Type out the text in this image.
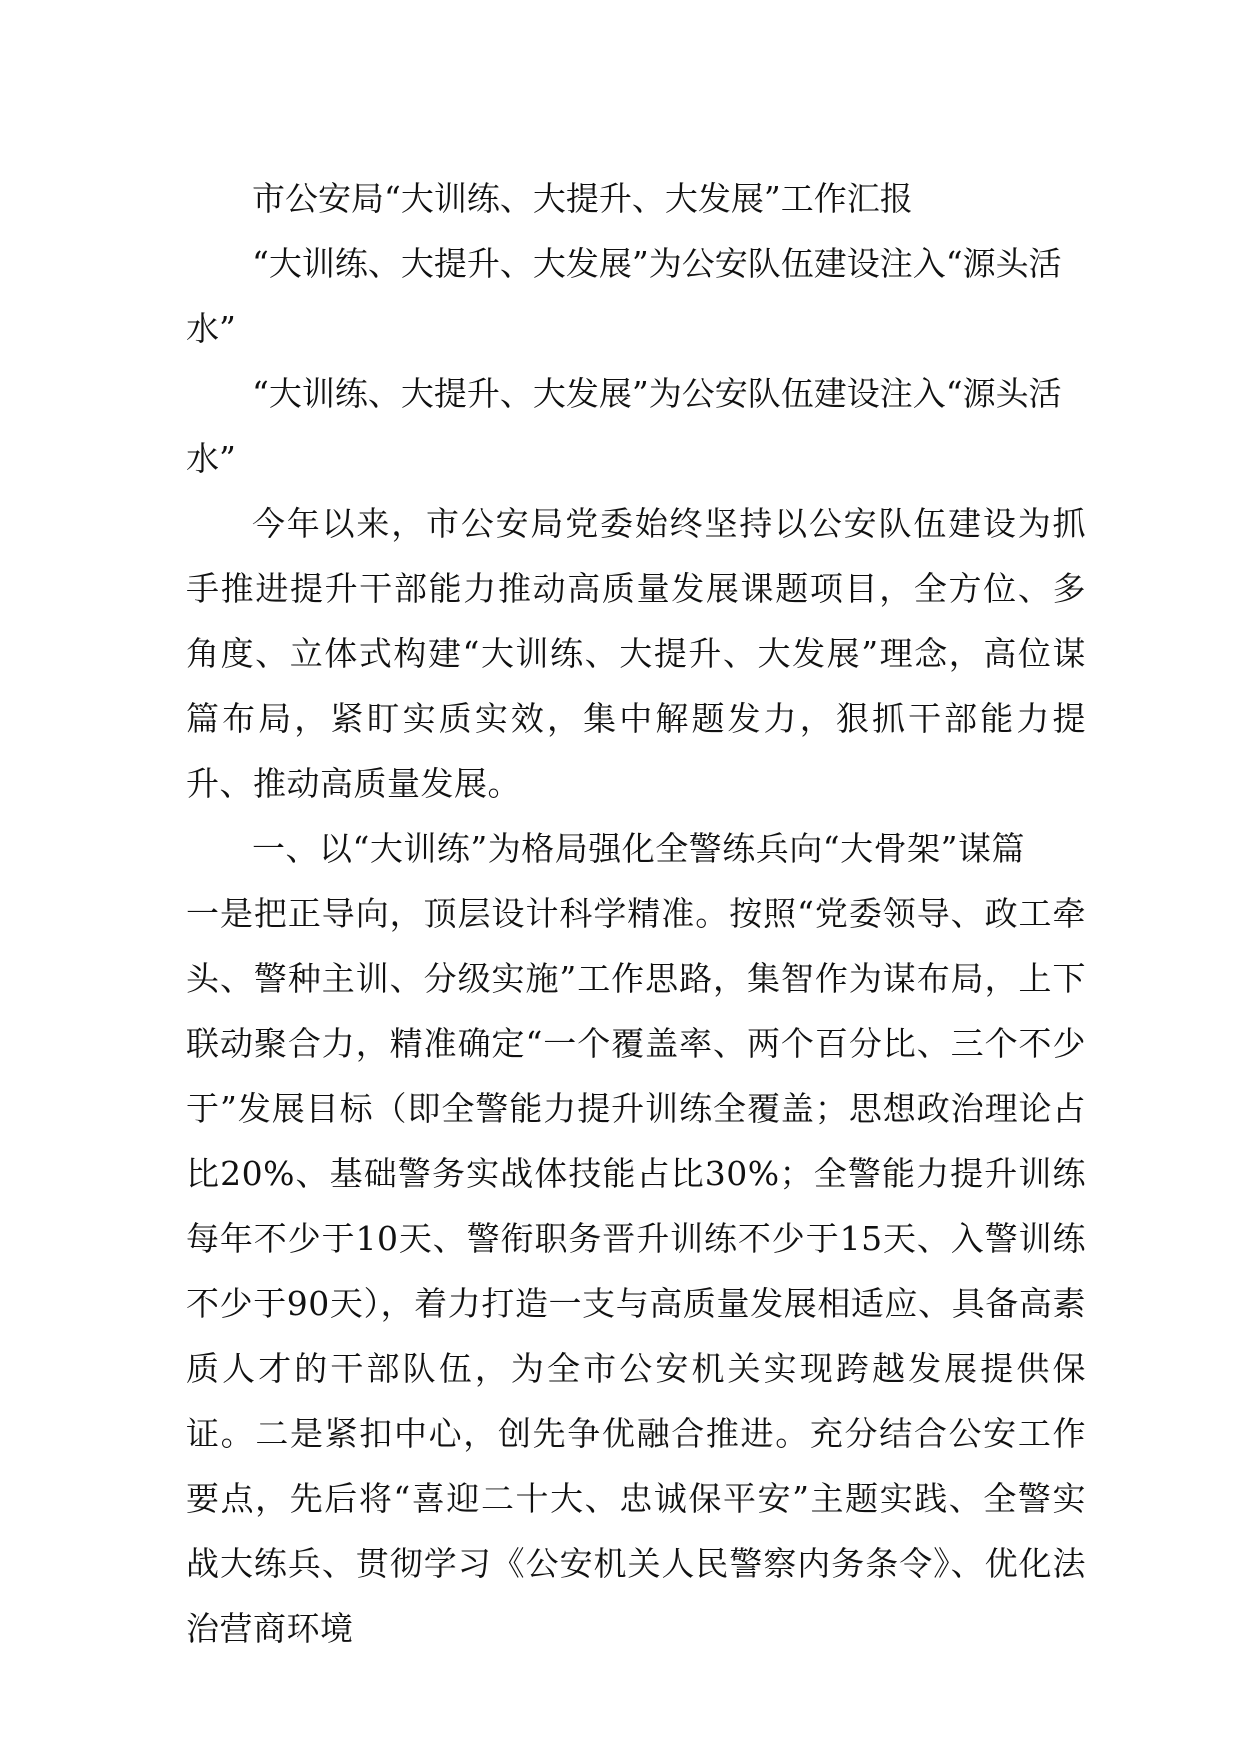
市公安局“大训练、大提升、大发展”工作汇报

“大训练、大提升、大发展”为公安队伍建设注入“源头活水”

“大训练、大提升、大发展”为公安队伍建设注入“源头活水”

今年以来，市公安局党委始终坚持以公安队伍建设为抓手推进提升干部能力推动高质量发展课题项目，全方位、多角度、立体式构建“大训练、大提升、大发展”理念，高位谋篇布局，紧盯实质实效，集中解题发力，狠抓干部能力提升、推动高质量发展。

一、以“大训练”为格局强化全警练兵向“大骨架”谋篇

一是把正导向，顶层设计科学精准。按照“党委领导、政工牵头、警种主训、分级实施”工作思路，集智作为谋布局，上下联动聚合力，精准确定“一个覆盖率、两个百分比、三个不少于”发展目标（即全警能力提升训练全覆盖；思想政治理论占比20%、基础警务实战体技能占比30%；全警能力提升训练每年不少于10天、警衔职务晋升训练不少于15天、入警训练不少于90天），着力打造一支与高质量发展相适应、具备高素质人才的干部队伍，为全市公安机关实现跨越发展提供保证。二是紧扣中心，创先争优融合推进。充分结合公安工作要点，先后将“喜迎二十大、忠诚保平安”主题实践、全警实战大练兵、贯彻学习《公安机关人民警察内务条令》、优化法治营商环境
